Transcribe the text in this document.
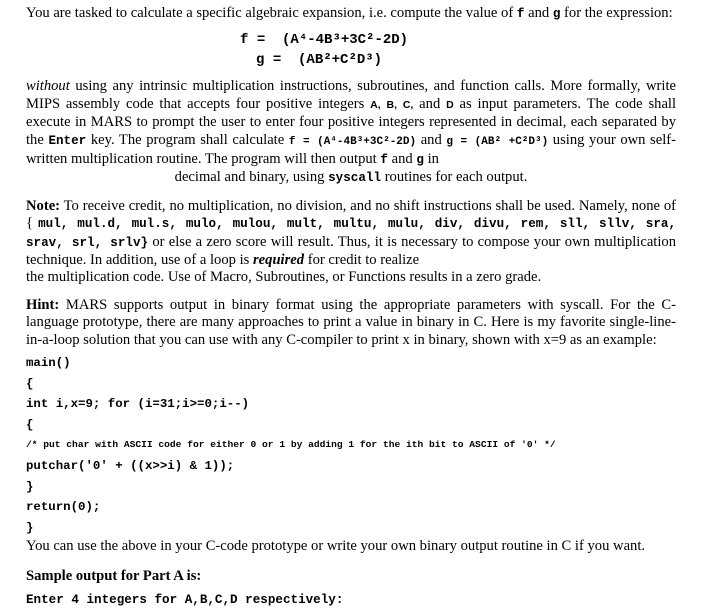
You are tasked to calculate a specific algebraic expansion, i.e. compute the value of f and g for the expression:

f = (A⁴-4B³+3C²-2D)
g = (AB²+C²D³)

without using any intrinsic multiplication instructions, subroutines, and function calls. More formally, write MIPS assembly code that accepts four positive integers A, B, C, and D as input parameters. The code shall execute in MARS to prompt the user to enter four positive integers represented in decimal, each separated by the Enter key. The program shall calculate f = (A⁴-4B³+3C²-2D) and g = (AB² +C²D³) using your own self-written multiplication routine. The program will then output f and g in

decimal and binary, using syscall routines for each output.

Note: To receive credit, no multiplication, no division, and no shift instructions shall be used. Namely, none of { mul, mul.d, mul.s, mulo, mulou, mult, multu, mulu, div, divu, rem, sll, sllv, sra, srav, srl, srlv} or else a zero score will result. Thus, it is necessary to compose your own multiplication technique. In addition, use of a loop is required for credit to realize

the multiplication code. Use of Macro, Subroutines, or Functions results in a zero grade.

Hint: MARS supports output in binary format using the appropriate parameters with syscall. For the C-language prototype, there are many approaches to print a value in binary in C. Here is my favorite single-line-in-a-loop solution that you can use with any C-compiler to print x in binary, shown with x=9 as an example:

main()
{
int i,x=9; for (i=31;i>=0;i--)
{
/* put char with ASCII code for either 0 or 1 by adding 1 for the ith bit to ASCII of '0' */
putchar('0' + ((x>>i) & 1));
}
return(0);
}

You can use the above in your C-code prototype or write your own binary output routine in C if you want.

Sample output for Part A is:

Enter 4 integers for A,B,C,D respectively:
